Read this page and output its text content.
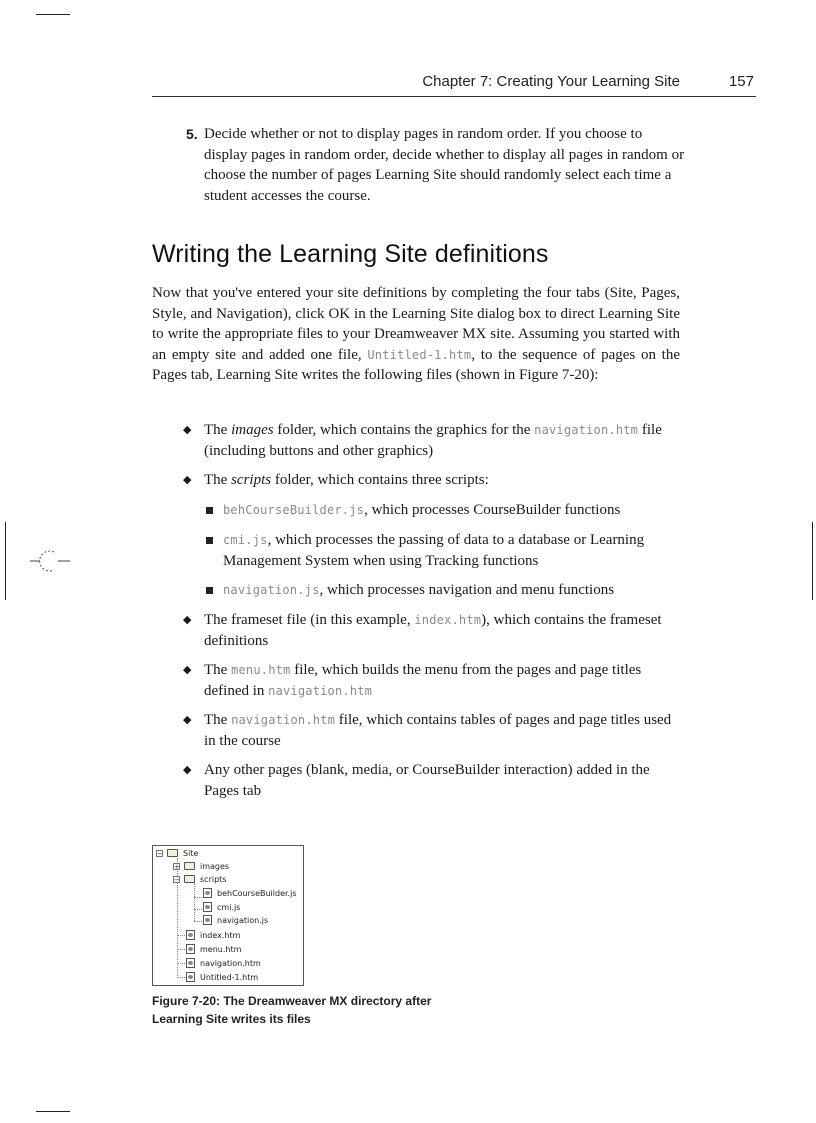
Chapter 7: Creating Your Learning Site	157
5. Decide whether or not to display pages in random order. If you choose to display pages in random order, decide whether to display all pages in random or choose the number of pages Learning Site should randomly select each time a student accesses the course.
Writing the Learning Site definitions

Now that you've entered your site definitions by completing the four tabs (Site, Pages, Style, and Navigation), click OK in the Learning Site dialog box to direct Learning Site to write the appropriate files to your Dreamweaver MX site. Assuming you started with an empty site and added one file, Untitled-1.htm, to the sequence of pages on the Pages tab, Learning Site writes the following files (shown in Figure 7-20):

◆ The images folder, which contains the graphics for the navigation.htm file (including buttons and other graphics)
◆ The scripts folder, which contains three scripts:
behCourseBuilder.js, which processes CourseBuilder functions
cmi.js, which processes the passing of data to a database or Learning Management System when using Tracking functions
navigation.js, which processes navigation and menu functions
◆ The frameset file (in this example, index.htm), which contains the frameset definitions
◆ The menu.htm file, which builds the menu from the pages and page titles defined in navigation.htm
◆ The navigation.htm file, which contains tables of pages and page titles used in the course
◆ Any other pages (blank, media, or CourseBuilder interaction) added in the Pages tab
−	Site
+	images
−	scripts
behCourseBuilder.js
cmi.js
navigation.js
index.htm
menu.htm
navigation.htm
Untitled-1.htm
Figure 7-20: The Dreamweaver MX directory after
Learning Site writes its files
